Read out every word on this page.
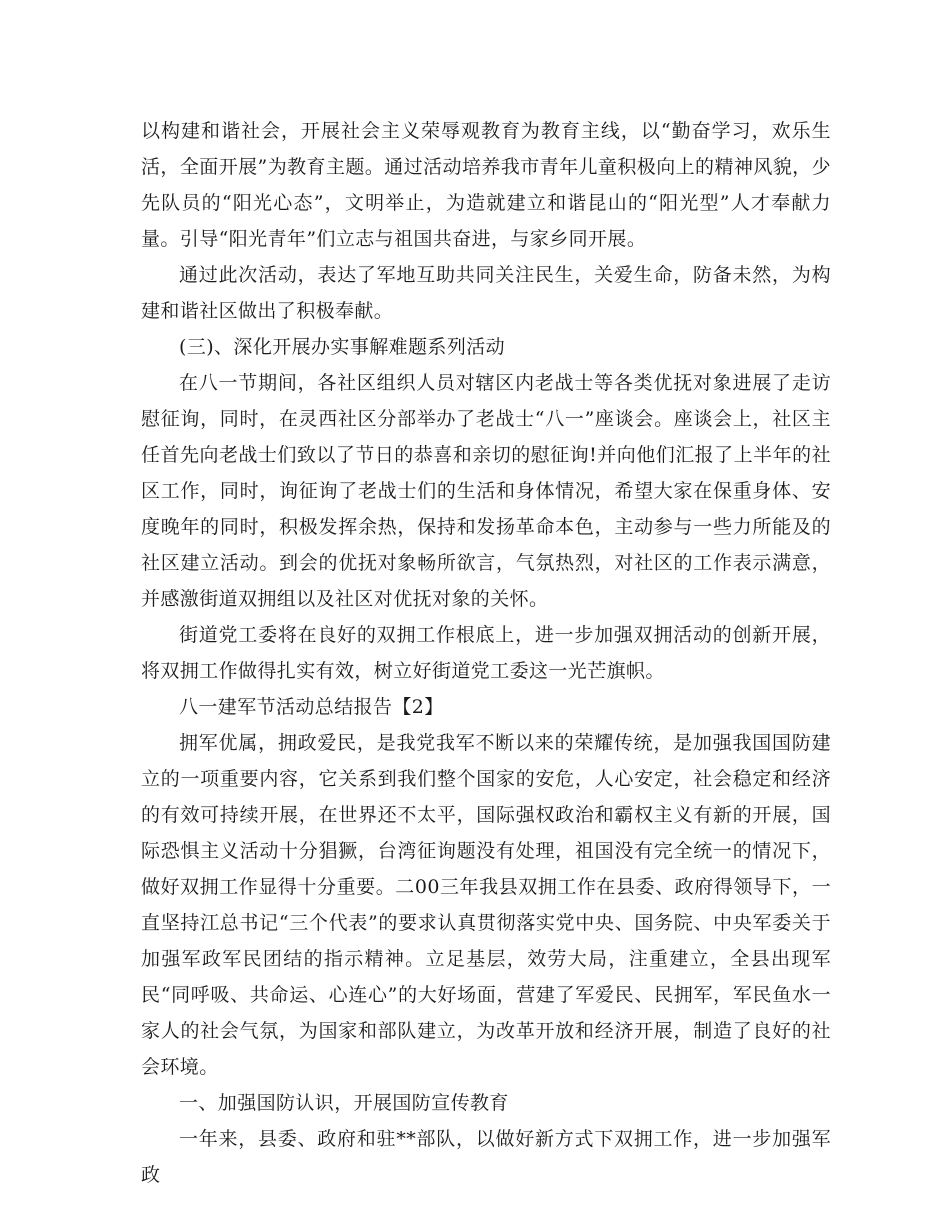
以构建和谐社会，开展社会主义荣辱观教育为教育主线，以“勤奋学习，欢乐生活，全面开展”为教育主题。通过活动培养我市青年儿童积极向上的精神风貌，少先队员的“阳光心态”，文明举止，为造就建立和谐昆山的“阳光型”人才奉献力量。引导“阳光青年”们立志与祖国共奋进，与家乡同开展。

通过此次活动，表达了军地互助共同关注民生，关爱生命，防备未然，为构建和谐社区做出了积极奉献。

(三)、深化开展办实事解难题系列活动

在八一节期间，各社区组织人员对辖区内老战士等各类优抚对象进展了走访慰征询，同时，在灵西社区分部举办了老战士“八一”座谈会。座谈会上，社区主任首先向老战士们致以了节日的恭喜和亲切的慰征询!并向他们汇报了上半年的社区工作，同时，询征询了老战士们的生活和身体情况，希望大家在保重身体、安度晚年的同时，积极发挥余热，保持和发扬革命本色，主动参与一些力所能及的社区建立活动。到会的优抚对象畅所欲言，气氛热烈，对社区的工作表示满意，并感激街道双拥组以及社区对优抚对象的关怀。

街道党工委将在良好的双拥工作根底上，进一步加强双拥活动的创新开展，将双拥工作做得扎实有效，树立好街道党工委这一光芒旗帜。

八一建军节活动总结报告【2】

拥军优属，拥政爱民，是我党我军不断以来的荣耀传统，是加强我国国防建立的一项重要内容，它关系到我们整个国家的安危，人心安定，社会稳定和经济的有效可持续开展，在世界还不太平，国际强权政治和霸权主义有新的开展，国际恐惧主义活动十分猖獗，台湾征询题没有处理，祖国没有完全统一的情况下，做好双拥工作显得十分重要。二00三年我县双拥工作在县委、政府得领导下，一直坚持江总书记“三个代表”的要求认真贯彻落实党中央、国务院、中央军委关于加强军政军民团结的指示精神。立足基层，效劳大局，注重建立，全县出现军民“同呼吸、共命运、心连心”的大好场面，营建了军爱民、民拥军，军民鱼水一家人的社会气氛，为国家和部队建立，为改革开放和经济开展，制造了良好的社会环境。

一、加强国防认识，开展国防宣传教育

一年来，县委、政府和驻**部队，以做好新方式下双拥工作，进一步加强军政
